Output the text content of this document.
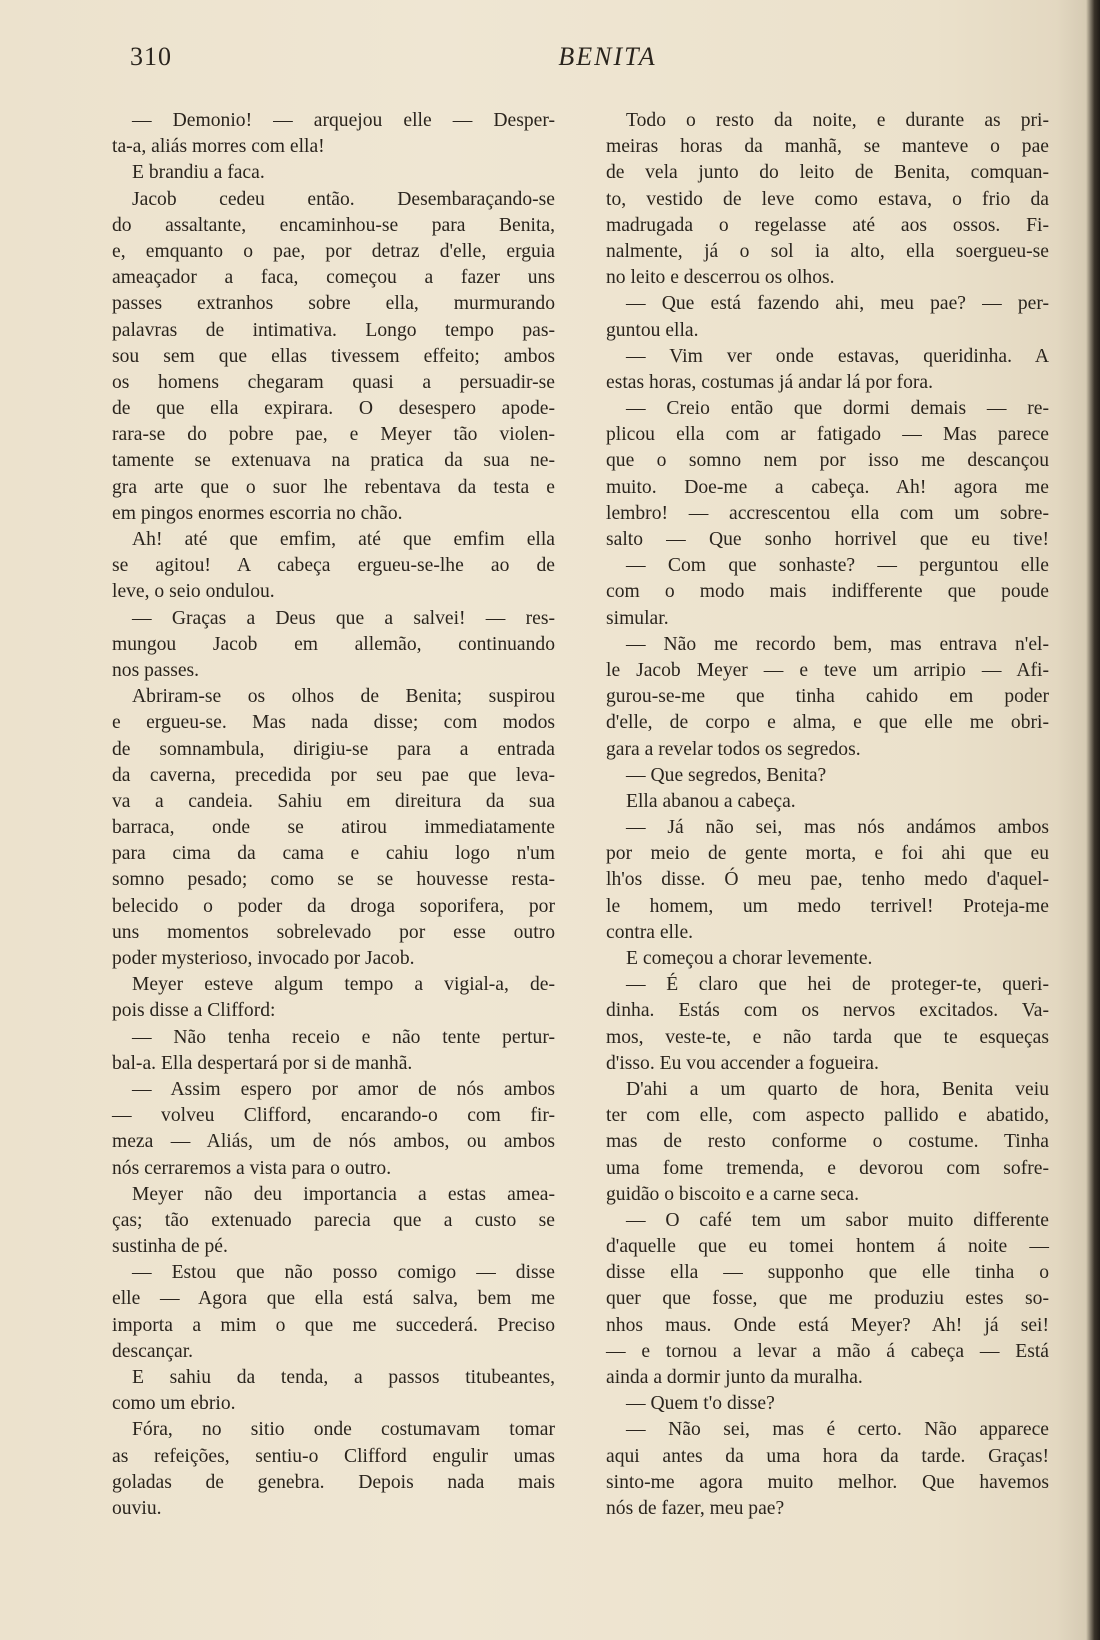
310	BENITA
— Demonio! — arquejou elle — Desper-
ta-a, aliás morres com ella!
E brandiu a faca.
Jacob cedeu então. Desembaraçando-se
do assaltante, encaminhou-se para Benita,
e, emquanto o pae, por detraz d'elle, erguia
ameaçador a faca, começou a fazer uns
passes extranhos sobre ella, murmurando
palavras de intimativa. Longo tempo pas-
sou sem que ellas tivessem effeito; ambos
os homens chegaram quasi a persuadir-se
de que ella expirara. O desespero apode-
rara-se do pobre pae, e Meyer tão violen-
tamente se extenuava na pratica da sua ne-
gra arte que o suor lhe rebentava da testa e
em pingos enormes escorria no chão.
Ah! até que emfim, até que emfim ella
se agitou! A cabeça ergueu-se-lhe ao de
leve, o seio ondulou.
— Graças a Deus que a salvei! — res-
mungou Jacob em allemão, continuando
nos passes.
Abriram-se os olhos de Benita; suspirou
e ergueu-se. Mas nada disse; com modos
de somnambula, dirigiu-se para a entrada
da caverna, precedida por seu pae que leva-
va a candeia. Sahiu em direitura da sua
barraca, onde se atirou immediatamente
para cima da cama e cahiu logo n'um
somno pesado; como se se houvesse resta-
belecido o poder da droga soporifera, por
uns momentos sobrelevado por esse outro
poder mysterioso, invocado por Jacob.
Meyer esteve algum tempo a vigial-a, de-
pois disse a Clifford:
— Não tenha receio e não tente pertur-
bal-a. Ella despertará por si de manhã.
— Assim espero por amor de nós ambos
— volveu Clifford, encarando-o com fir-
meza — Aliás, um de nós ambos, ou ambos
nós cerraremos a vista para o outro.
Meyer não deu importancia a estas amea-
ças; tão extenuado parecia que a custo se
sustinha de pé.
— Estou que não posso comigo — disse
elle — Agora que ella está salva, bem me
importa a mim o que me succederá. Preciso
descançar.
E sahiu da tenda, a passos titubeantes,
como um ebrio.
Fóra, no sitio onde costumavam tomar
as refeições, sentiu-o Clifford engulir umas
goladas de genebra. Depois nada mais
ouviu.
Todo o resto da noite, e durante as pri-
meiras horas da manhã, se manteve o pae
de vela junto do leito de Benita, comquan-
to, vestido de leve como estava, o frio da
madrugada o regelasse até aos ossos. Fi-
nalmente, já o sol ia alto, ella soergueu-se
no leito e descerrou os olhos.
— Que está fazendo ahi, meu pae? — per-
guntou ella.
— Vim ver onde estavas, queridinha. A
estas horas, costumas já andar lá por fora.
— Creio então que dormi demais — re-
plicou ella com ar fatigado — Mas parece
que o somno nem por isso me descançou
muito. Doe-me a cabeça. Ah! agora me
lembro! — accrescentou ella com um sobre-
salto — Que sonho horrivel que eu tive!
— Com que sonhaste? — perguntou elle
com o modo mais indifferente que poude
simular.
— Não me recordo bem, mas entrava n'el-
le Jacob Meyer — e teve um arripio — Afi-
gurou-se-me que tinha cahido em poder
d'elle, de corpo e alma, e que elle me obri-
gara a revelar todos os segredos.
— Que segredos, Benita?
Ella abanou a cabeça.
— Já não sei, mas nós andámos ambos
por meio de gente morta, e foi ahi que eu
lh'os disse. Ó meu pae, tenho medo d'aquel-
le homem, um medo terrivel! Proteja-me
contra elle.
E começou a chorar levemente.
— É claro que hei de proteger-te, queri-
dinha. Estás com os nervos excitados. Va-
mos, veste-te, e não tarda que te esqueças
d'isso. Eu vou accender a fogueira.
D'ahi a um quarto de hora, Benita veiu
ter com elle, com aspecto pallido e abatido,
mas de resto conforme o costume. Tinha
uma fome tremenda, e devorou com sofre-
guidão o biscoito e a carne seca.
— O café tem um sabor muito differente
d'aquelle que eu tomei hontem á noite —
disse ella — supponho que elle tinha o
quer que fosse, que me produziu estes so-
nhos maus. Onde está Meyer? Ah! já sei!
— e tornou a levar a mão á cabeça — Está
ainda a dormir junto da muralha.
— Quem t'o disse?
— Não sei, mas é certo. Não apparece
aqui antes da uma hora da tarde. Graças!
sinto-me agora muito melhor. Que havemos
nós de fazer, meu pae?
